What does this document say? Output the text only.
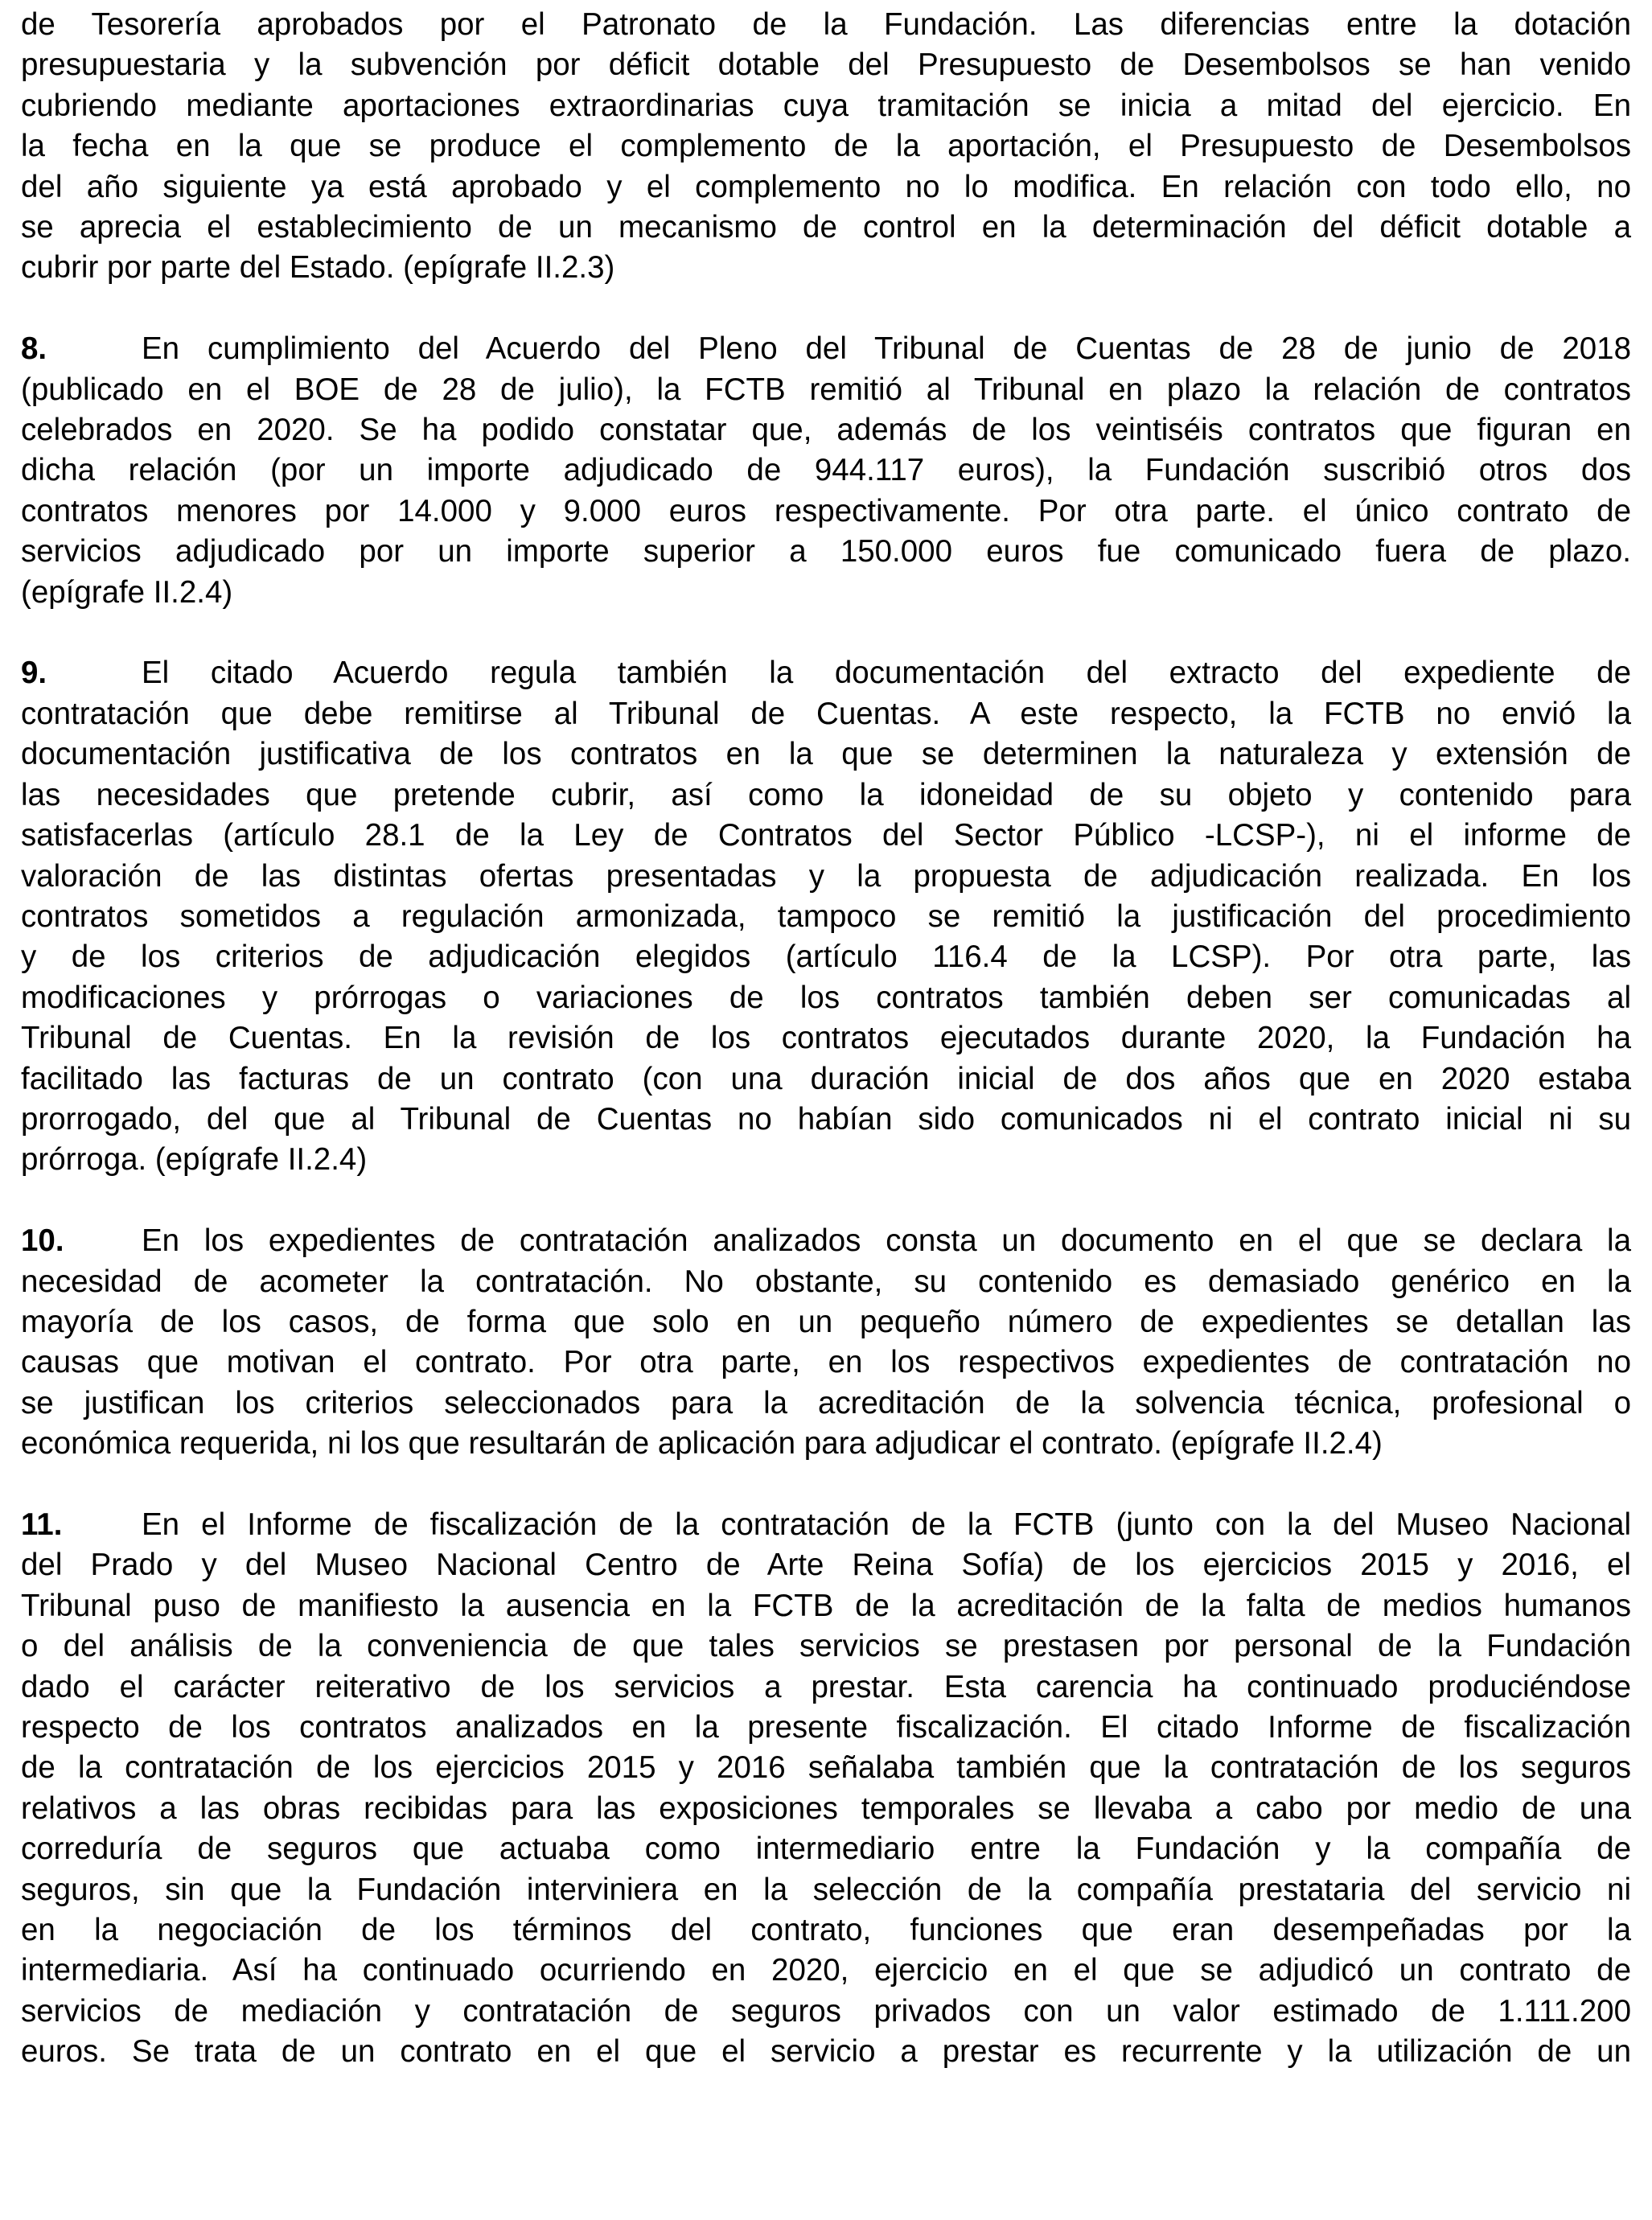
de Tesorería aprobados por el Patronato de la Fundación. Las diferencias entre la dotación
presupuestaria y la subvención por déficit dotable del Presupuesto de Desembolsos se han venido
cubriendo mediante aportaciones extraordinarias cuya tramitación se inicia a mitad del ejercicio. En
la fecha en la que se produce el complemento de la aportación, el Presupuesto de Desembolsos
del año siguiente ya está aprobado y el complemento no lo modifica. En relación con todo ello, no
se aprecia el establecimiento de un mecanismo de control en la determinación del déficit dotable a
cubrir por parte del Estado. (epígrafe II.2.3)
8.	En cumplimiento del Acuerdo del Pleno del Tribunal de Cuentas de 28 de junio de 2018
(publicado en el BOE de 28 de julio), la FCTB remitió al Tribunal en plazo la relación de contratos
celebrados en 2020. Se ha podido constatar que, además de los veintiséis contratos que figuran en
dicha relación (por un importe adjudicado de 944.117 euros), la Fundación suscribió otros dos
contratos menores por 14.000 y 9.000 euros respectivamente. Por otra parte. el único contrato de
servicios adjudicado por un importe superior a 150.000 euros fue comunicado fuera de plazo.
(epígrafe II.2.4)
9.	El citado Acuerdo regula también la documentación del extracto del expediente de
contratación que debe remitirse al Tribunal de Cuentas. A este respecto, la FCTB no envió la
documentación justificativa de los contratos en la que se determinen la naturaleza y extensión de
las necesidades que pretende cubrir, así como la idoneidad de su objeto y contenido para
satisfacerlas (artículo 28.1 de la Ley de Contratos del Sector Público -LCSP-), ni el informe de
valoración de las distintas ofertas presentadas y la propuesta de adjudicación realizada. En los
contratos sometidos a regulación armonizada, tampoco se remitió la justificación del procedimiento
y de los criterios de adjudicación elegidos (artículo 116.4 de la LCSP). Por otra parte, las
modificaciones y prórrogas o variaciones de los contratos también deben ser comunicadas al
Tribunal de Cuentas. En la revisión de los contratos ejecutados durante 2020, la Fundación ha
facilitado las facturas de un contrato (con una duración inicial de dos años que en 2020 estaba
prorrogado, del que al Tribunal de Cuentas no habían sido comunicados ni el contrato inicial ni su
prórroga. (epígrafe II.2.4)
10.	En los expedientes de contratación analizados consta un documento en el que se declara la
necesidad de acometer la contratación. No obstante, su contenido es demasiado genérico en la
mayoría de los casos, de forma que solo en un pequeño número de expedientes se detallan las
causas que motivan el contrato. Por otra parte, en los respectivos expedientes de contratación no
se justifican los criterios seleccionados para la acreditación de la solvencia técnica, profesional o
económica requerida, ni los que resultarán de aplicación para adjudicar el contrato. (epígrafe II.2.4)
11.	En el Informe de fiscalización de la contratación de la FCTB (junto con la del Museo Nacional
del Prado y del Museo Nacional Centro de Arte Reina Sofía) de los ejercicios 2015 y 2016, el
Tribunal puso de manifiesto la ausencia en la FCTB de la acreditación de la falta de medios humanos
o del análisis de la conveniencia de que tales servicios se prestasen por personal de la Fundación
dado el carácter reiterativo de los servicios a prestar. Esta carencia ha continuado produciéndose
respecto de los contratos analizados en la presente fiscalización. El citado Informe de fiscalización
de la contratación de los ejercicios 2015 y 2016 señalaba también que la contratación de los seguros
relativos a las obras recibidas para las exposiciones temporales se llevaba a cabo por medio de una
correduría de seguros que actuaba como intermediario entre la Fundación y la compañía de
seguros, sin que la Fundación interviniera en la selección de la compañía prestataria del servicio ni
en la negociación de los términos del contrato, funciones que eran desempeñadas por la
intermediaria. Así ha continuado ocurriendo en 2020, ejercicio en el que se adjudicó un contrato de
servicios de mediación y contratación de seguros privados con un valor estimado de 1.111.200
euros. Se trata de un contrato en el que el servicio a prestar es recurrente y la utilización de un
